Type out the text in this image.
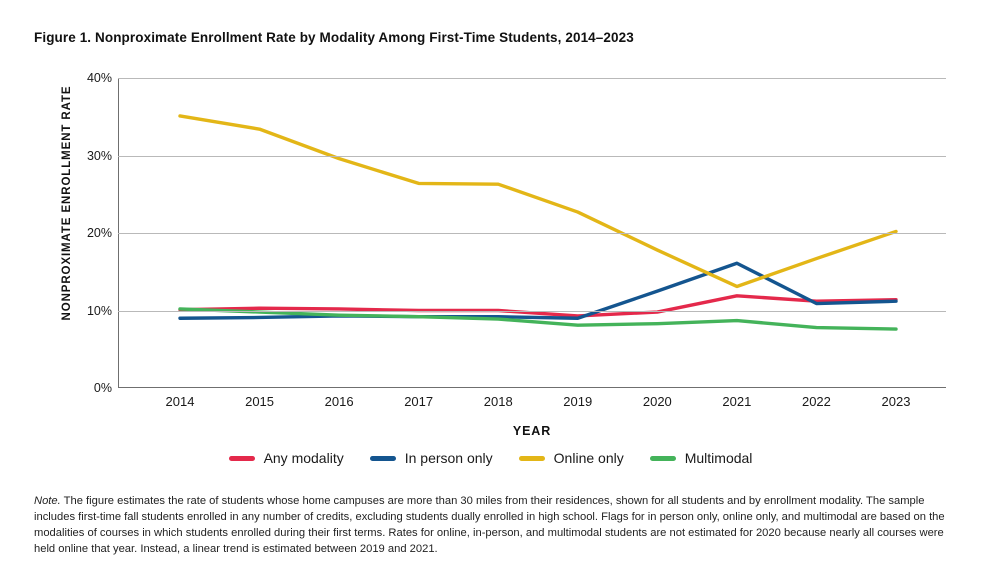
Figure 1. Nonproximate Enrollment Rate by Modality Among First-Time Students, 2014–2023
NONPROXIMATE ENROLLMENT RATE
0%
10%
20%
30%
40%
2014	2015	2016	2017	2018	2019	2020	2021	2022	2023
YEAR
Any modality	In person only	Online only	Multimodal
Note. The figure estimates the rate of students whose home campuses are more than 30 miles from their residences, shown for all students and by enrollment modality. The sample includes first-time fall students enrolled in any number of credits, excluding students dually enrolled in high school. Flags for in person only, online only, and multimodal are based on the modalities of courses in which students enrolled during their first terms. Rates for online, in-person, and multimodal students are not estimated for 2020 because nearly all courses were held online that year. Instead, a linear trend is estimated between 2019 and 2021.
